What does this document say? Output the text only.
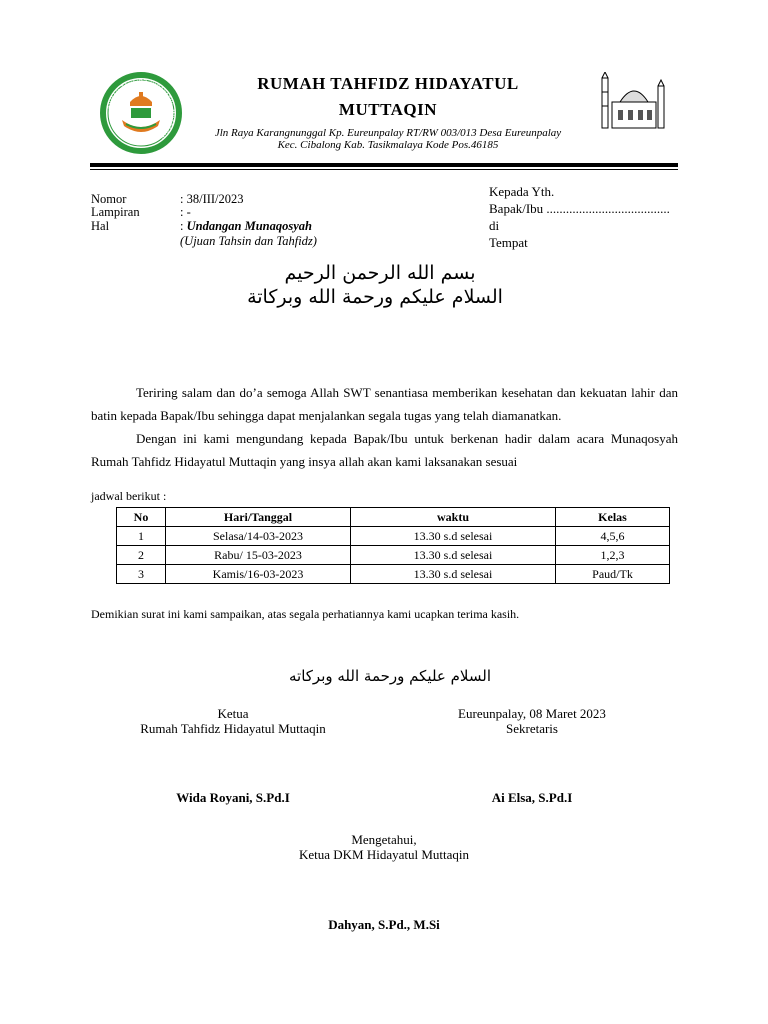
RUMAH TAHFIDZ HIDAYATUL MUTTAQIN
RUMAH TAHFIDZ HIDAYATUL
MUTTAQIN
Jln Raya Karangnunggal Kp. Eureunpalay RT/RW 003/013 Desa Eureunpalay
Kec. Cibalong Kab. Tasikmalaya Kode Pos.46185
Nomor	: 38/III/2023
Lampiran	: -
Hal	: Undangan Munaqosyah
(Ujuan Tahsin dan Tahfidz)
Kepada Yth.
Bapak/Ibu ......................................
di
Tempat
بسم الله الرحمن الرحيم
السلام عليكم ورحمة الله وبركاتة

Teriring salam dan do’a semoga Allah SWT senantiasa memberikan kesehatan dan kekuatan lahir dan batin kepada Bapak/Ibu sehingga dapat menjalankan segala tugas yang telah diamanatkan.

Dengan ini kami mengundang kepada Bapak/Ibu untuk berkenan hadir dalam acara Munaqosyah Rumah Tahfidz Hidayatul Muttaqin yang insya allah akan kami laksanakan sesuai

jadwal berikut :
No	Hari/Tanggal	waktu	Kelas
1	Selasa/14-03-2023	13.30 s.d selesai	4,5,6
2	Rabu/ 15-03-2023	13.30 s.d selesai	1,2,3
3	Kamis/16-03-2023	13.30 s.d selesai	Paud/Tk
Demikian surat ini kami sampaikan, atas segala perhatiannya kami ucapkan terima kasih.
السلام عليكم ورحمة الله وبركاته
Ketua
Rumah Tahfidz Hidayatul Muttaqin
Eureunpalay, 08 Maret 2023
Sekretaris
Wida Royani, S.Pd.I	Ai Elsa, S.Pd.I
Mengetahui,
Ketua DKM Hidayatul Muttaqin
Dahyan, S.Pd., M.Si
